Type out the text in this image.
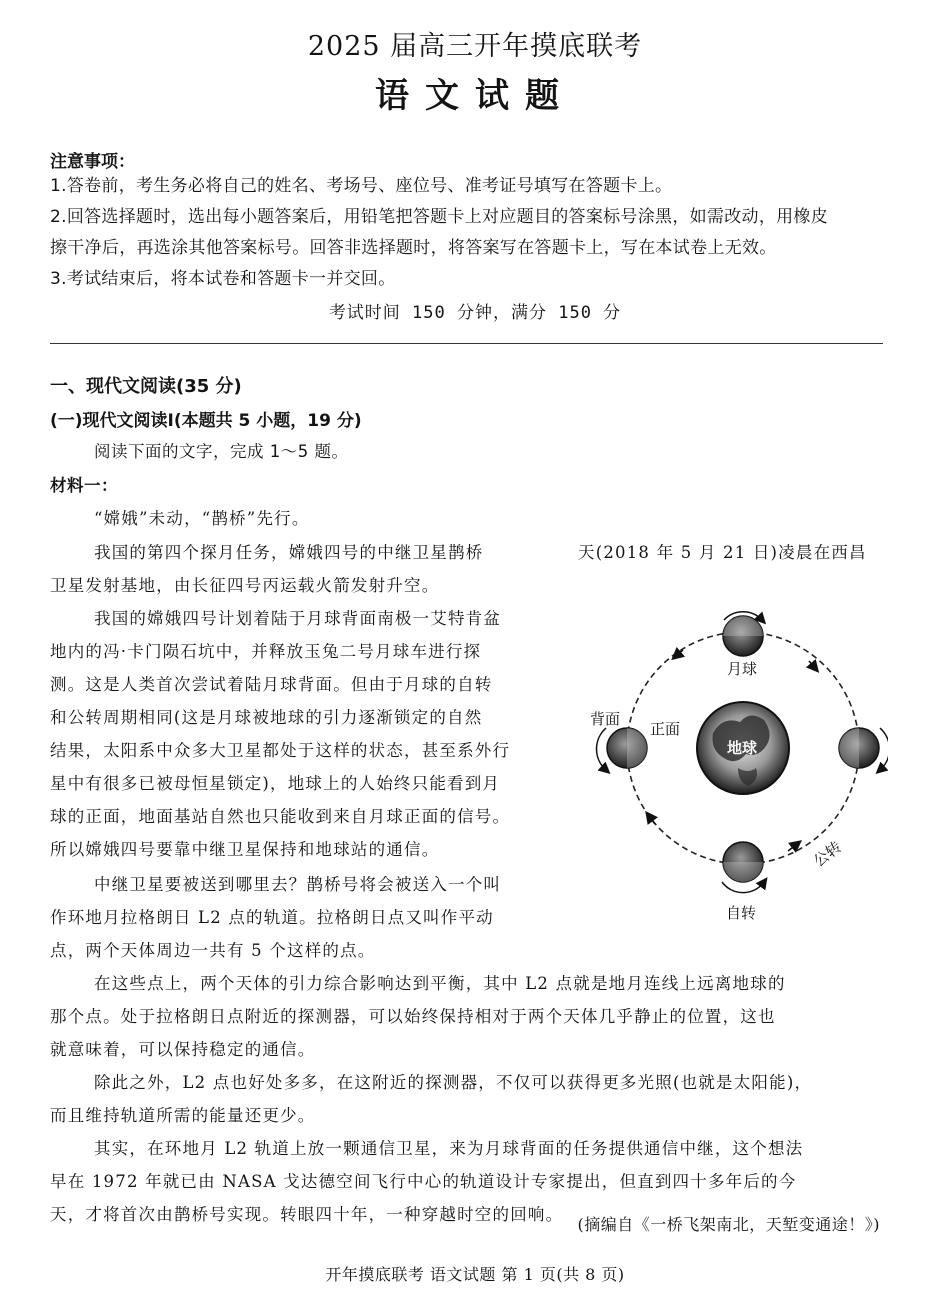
2025 届高三开年摸底联考
语文试题
注意事项：
1.答卷前，考生务必将自己的姓名、考场号、座位号、准考证号填写在答题卡上。
2.回答选择题时，选出每小题答案后，用铅笔把答题卡上对应题目的答案标号涂黑，如需改动，用橡皮
擦干净后，再选涂其他答案标号。回答非选择题时，将答案写在答题卡上，写在本试卷上无效。
3.考试结束后，将本试卷和答题卡一并交回。
考试时间 150 分钟，满分 150 分
一、现代文阅读(35 分)
(一)现代文阅读Ⅰ(本题共 5 小题，19 分)
阅读下面的文字，完成 1～5 题。
材料一：
“嫦娥”未动，“鹊桥”先行。
我国的第四个探月任务，嫦娥四号的中继卫星鹊桥	天(2018 年 5 月 21 日)凌晨在西昌
卫星发射基地，由长征四号丙运载火箭发射升空。
我国的嫦娥四号计划着陆于月球背面南极一艾特肯盆
地内的冯·卡门陨石坑中，并释放玉兔二号月球车进行探
测。这是人类首次尝试着陆月球背面。但由于月球的自转
和公转周期相同(这是月球被地球的引力逐渐锁定的自然
结果，太阳系中众多大卫星都处于这样的状态，甚至系外行
星中有很多已被母恒星锁定)，地球上的人始终只能看到月
球的正面，地面基站自然也只能收到来自月球正面的信号。
所以嫦娥四号要靠中继卫星保持和地球站的通信。
中继卫星要被送到哪里去？鹊桥号将会被送入一个叫
作环地月拉格朗日 L2 点的轨道。拉格朗日点又叫作平动
点，两个天体周边一共有 5 个这样的点。
在这些点上，两个天体的引力综合影响达到平衡，其中 L2 点就是地月连线上远离地球的
那个点。处于拉格朗日点附近的探测器，可以始终保持相对于两个天体几乎静止的位置，这也
就意味着，可以保持稳定的通信。
除此之外，L2 点也好处多多，在这附近的探测器，不仅可以获得更多光照(也就是太阳能)，
而且维持轨道所需的能量还更少。
其实，在环地月 L2 轨道上放一颗通信卫星，来为月球背面的任务提供通信中继，这个想法
早在 1972 年就已由 NASA 戈达德空间飞行中心的轨道设计专家提出，但直到四十多年后的今
天，才将首次由鹊桥号实现。转眼四十年，一种穿越时空的回响。
(摘编自《一桥飞架南北，天堑变通途！》)
地球
月球
背面
正面
自转
公转
开年摸底联考 语文试题 第 1 页(共 8 页)
